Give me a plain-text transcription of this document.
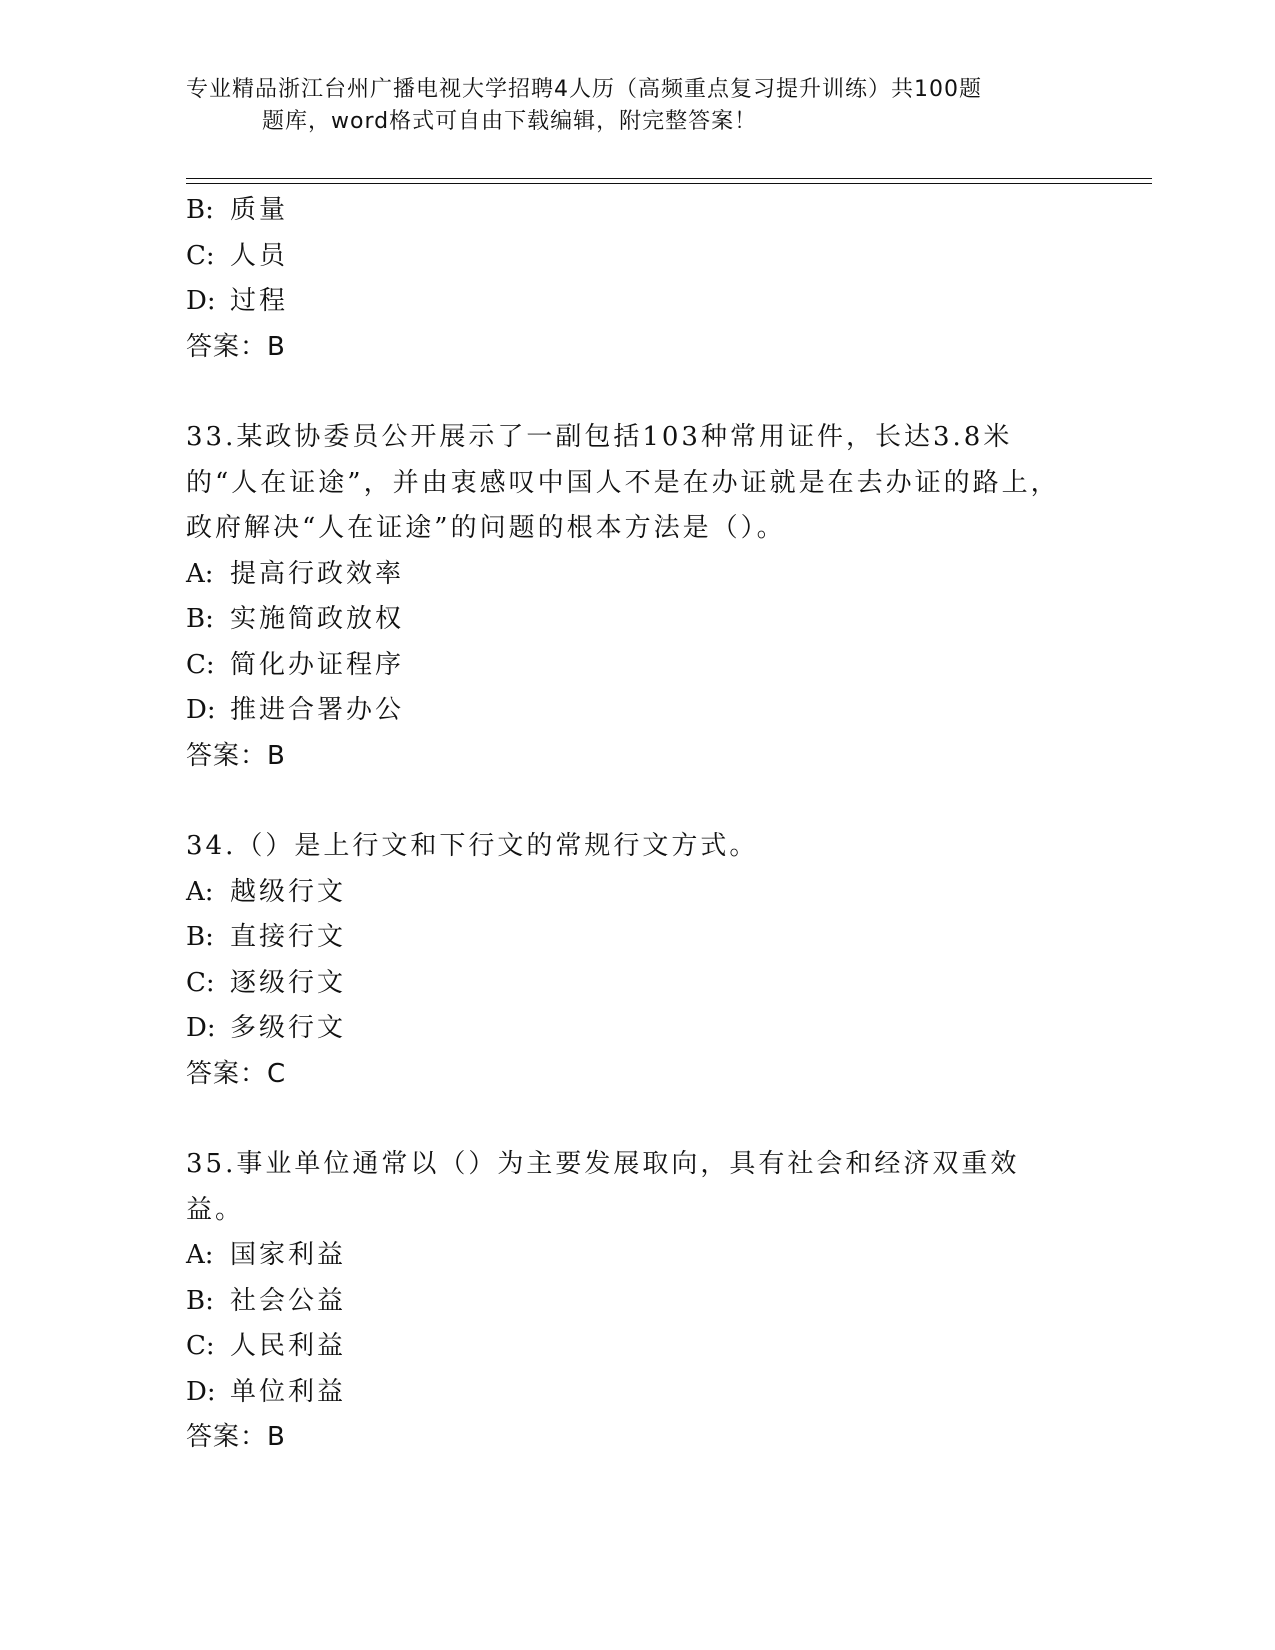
专业精品浙江台州广播电视大学招聘4人历（高频重点复习提升训练）共100题
题库，word格式可自由下载编辑，附完整答案！

B: 质量

C: 人员

D: 过程

答案：B

33.某政协委员公开展示了一副包括103种常用证件，长达3.8米的“人在证途”，并由衷感叹中国人不是在办证就是在去办证的路上，政府解决“人在证途”的问题的根本方法是（）。

A: 提高行政效率

B: 实施简政放权

C: 简化办证程序

D: 推进合署办公

答案：B

34.（）是上行文和下行文的常规行文方式。

A: 越级行文

B: 直接行文

C: 逐级行文

D: 多级行文

答案：C

35.事业单位通常以（）为主要发展取向，具有社会和经济双重效益。

A: 国家利益

B: 社会公益

C: 人民利益

D: 单位利益

答案：B
